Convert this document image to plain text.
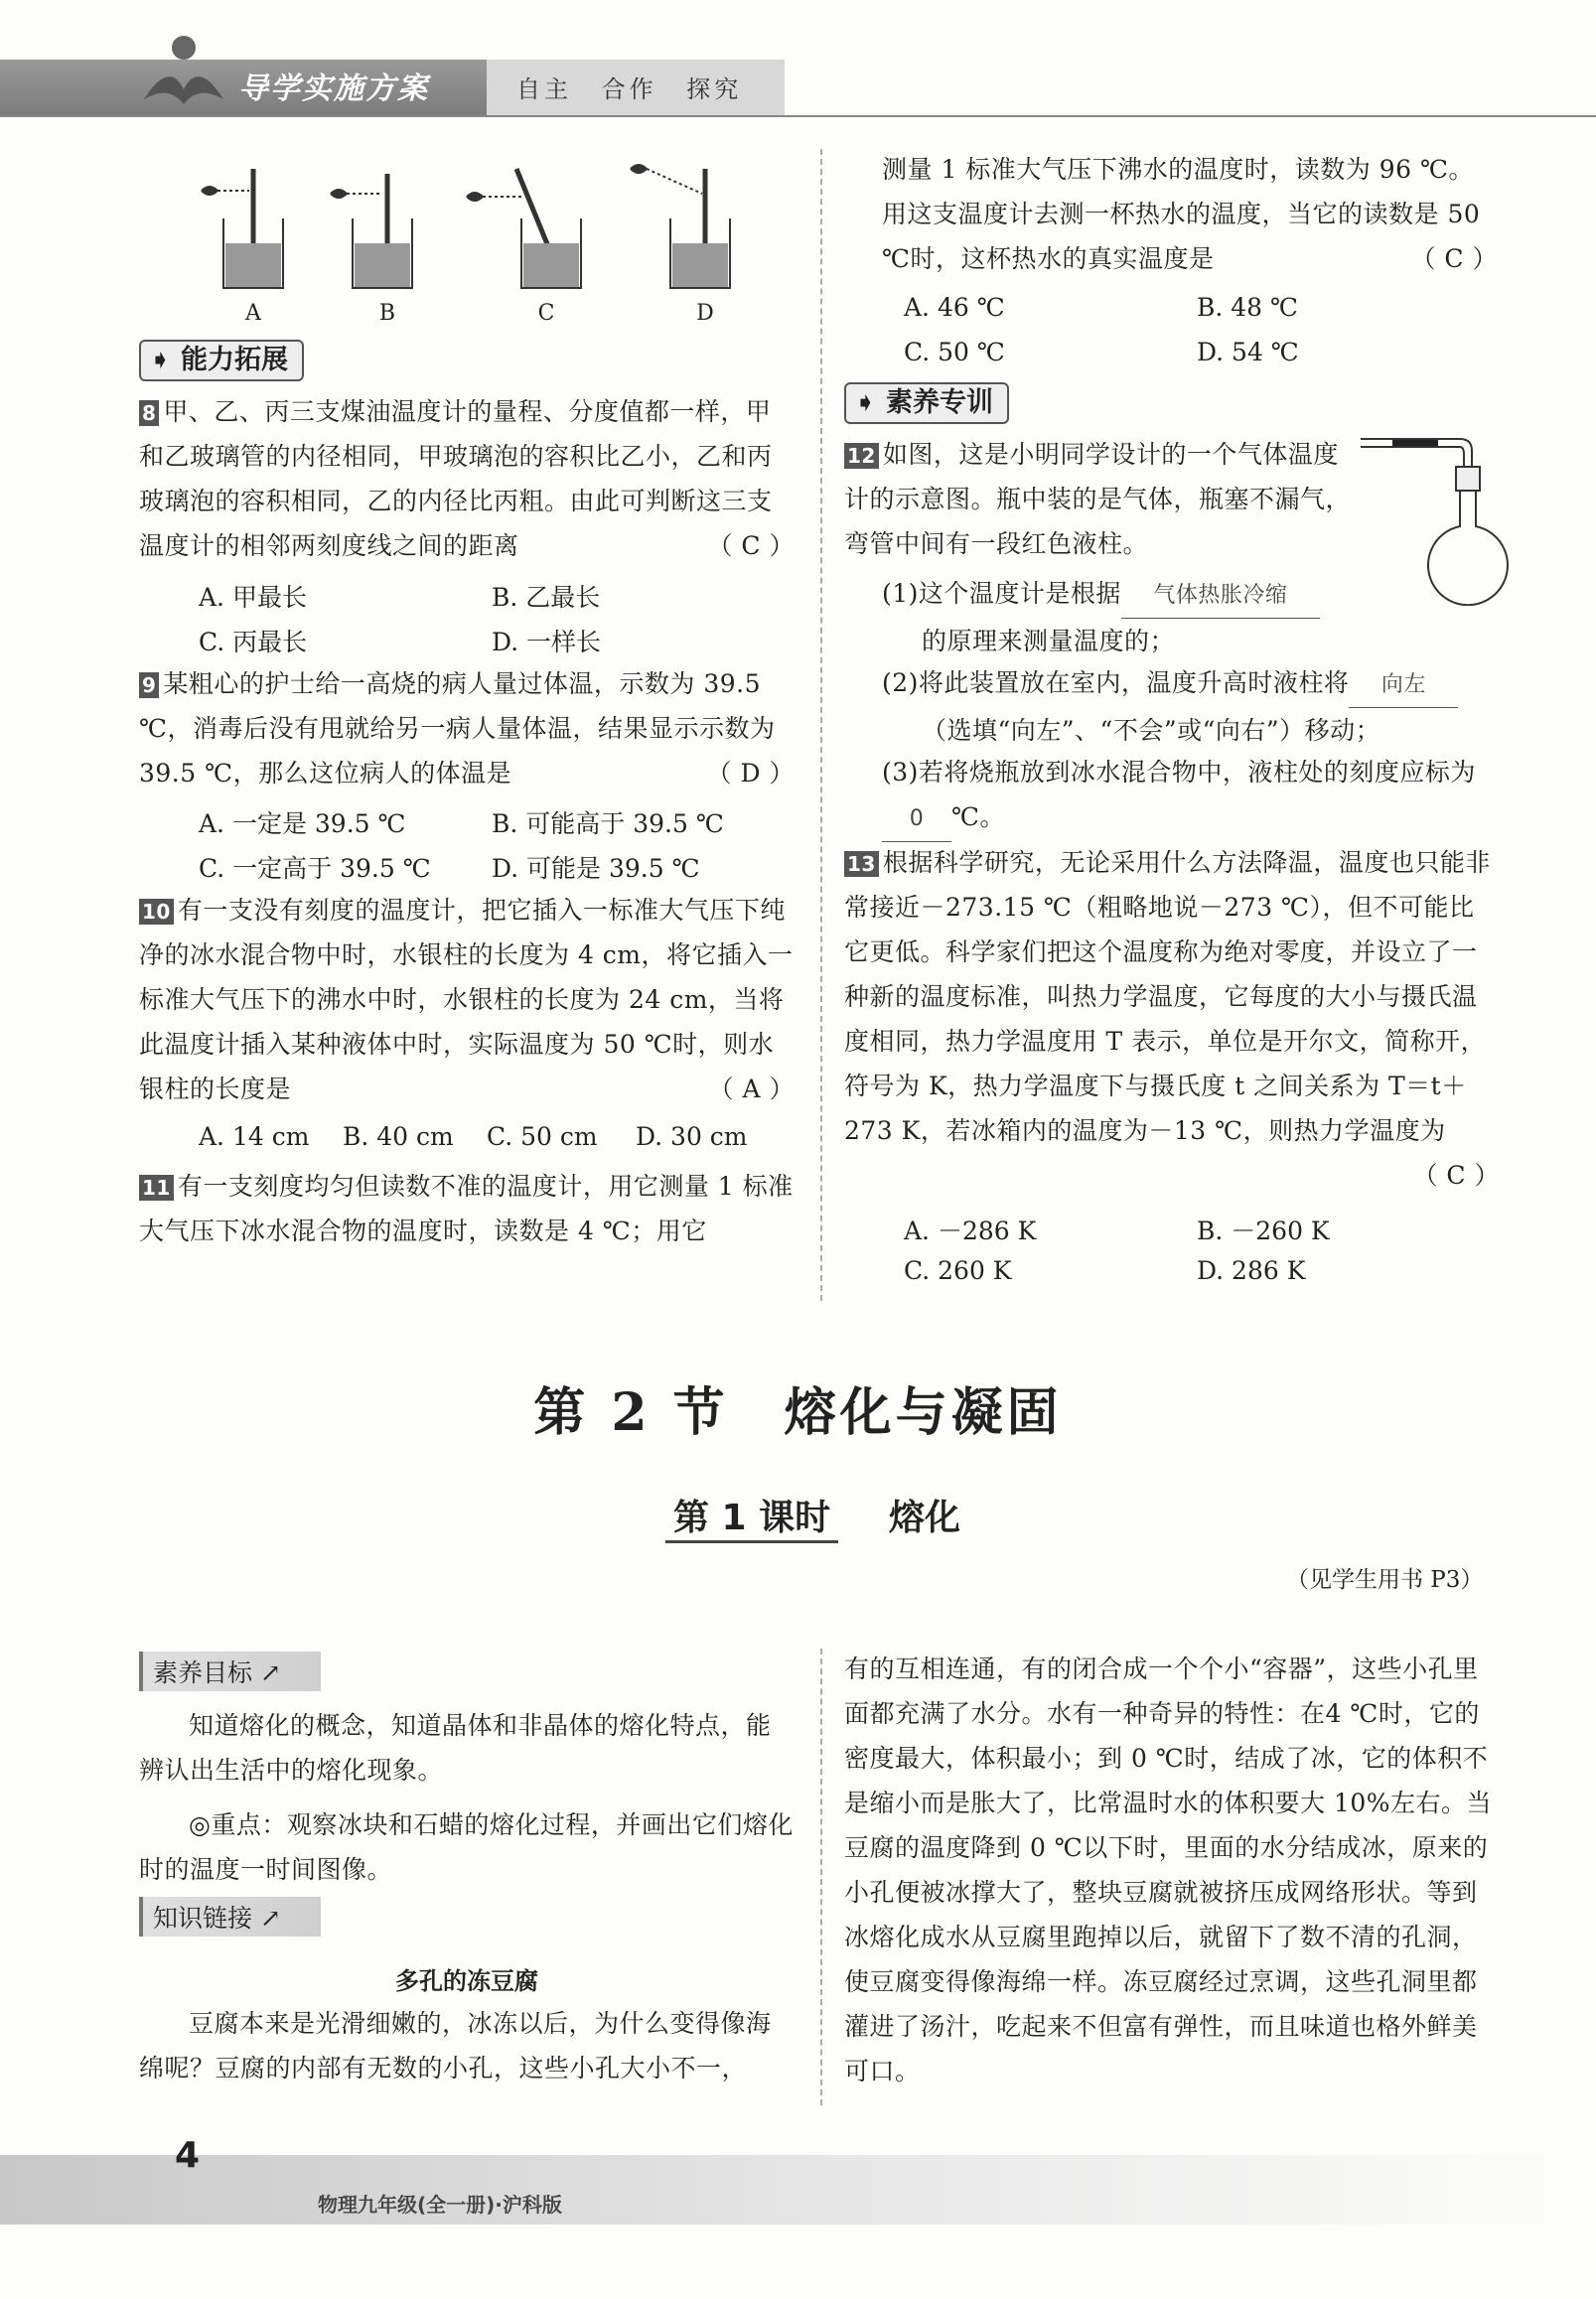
导学实施方案	自主 合作 探究
A	B	C	D
➧ 能力拓展
8 甲、乙、丙三支煤油温度计的量程、分度值都一样，甲和乙玻璃管的内径相同，甲玻璃泡的容积比乙小，乙和丙玻璃泡的容积相同，乙的内径比丙粗。由此可判断这三支温度计的相邻两刻度线之间的距离	（ C ）
A. 甲最长	B. 乙最长
C. 丙最长	D. 一样长
9 某粗心的护士给一高烧的病人量过体温，示数为 39.5 ℃，消毒后没有甩就给另一病人量体温，结果显示示数为 39.5 ℃，那么这位病人的体温是	（ D ）
A. 一定是 39.5 ℃	B. 可能高于 39.5 ℃
C. 一定高于 39.5 ℃ D. 可能是 39.5 ℃
10 有一支没有刻度的温度计，把它插入一标准大气压下纯净的冰水混合物中时，水银柱的长度为 4 cm，将它插入一标准大气压下的沸水中时，水银柱的长度为 24 cm，当将此温度计插入某种液体中时，实际温度为 50 ℃时，则水银柱的长度是	（ A ）
A. 14 cm B. 40 cm C. 50 cm D. 30 cm
11 有一支刻度均匀但读数不准的温度计，用它测量 1 标准大气压下冰水混合物的温度时，读数是 4 ℃；用它
测量 1 标准大气压下沸水的温度时，读数为 96 ℃。用这支温度计去测一杯热水的温度，当它的读数是 50 ℃时，这杯热水的真实温度是	（ C ）
A. 46 ℃	B. 48 ℃
C. 50 ℃	D. 54 ℃
➧ 素养专训
12 如图，这是小明同学设计的一个气体温度计的示意图。瓶中装的是气体，瓶塞不漏气，弯管中间有一段红色液柱。
(1)这个温度计是根据 气体热胀冷缩
的原理来测量温度的；
(2)将此装置放在室内，温度升高时液柱将 向左
（选填“向左”、“不会”或“向右”）移动；
(3)若将烧瓶放到冰水混合物中，液柱处的刻度应标为0 ℃。
13 根据科学研究，无论采用什么方法降温，温度也只能非常接近－273.15 ℃（粗略地说－273 ℃），但不可能比它更低。科学家们把这个温度称为绝对零度，并设立了一种新的温度标准，叫热力学温度，它每度的大小与摄氏温度相同，热力学温度用 T 表示，单位是开尔文，简称开，符号为 K，热力学温度下与摄氏度 t 之间关系为 T＝t＋273 K，若冰箱内的温度为－13 ℃，则热力学温度为
（ C ）
A. －286 K	B. －260 K
C. 260 K	D. 286 K
第 2 节　熔化与凝固
第 1 课时 熔化
（见学生用书 P3）
素养目标 ↗
知道熔化的概念，知道晶体和非晶体的熔化特点，能辨认出生活中的熔化现象。
◎重点：观察冰块和石蜡的熔化过程，并画出它们熔化时的温度一时间图像。
知识链接 ↗
多孔的冻豆腐
豆腐本来是光滑细嫩的，冰冻以后，为什么变得像海绵呢？豆腐的内部有无数的小孔，这些小孔大小不一，
有的互相连通，有的闭合成一个个小“容器”，这些小孔里面都充满了水分。水有一种奇异的特性：在4 ℃时，它的密度最大，体积最小；到 0 ℃时，结成了冰，它的体积不是缩小而是胀大了，比常温时水的体积要大 10%左右。当豆腐的温度降到 0 ℃以下时，里面的水分结成冰，原来的小孔便被冰撑大了，整块豆腐就被挤压成网络形状。等到冰熔化成水从豆腐里跑掉以后，就留下了数不清的孔洞，使豆腐变得像海绵一样。冻豆腐经过烹调，这些孔洞里都灌进了汤汁，吃起来不但富有弹性，而且味道也格外鲜美可口。
4
物理九年级(全一册)·沪科版
